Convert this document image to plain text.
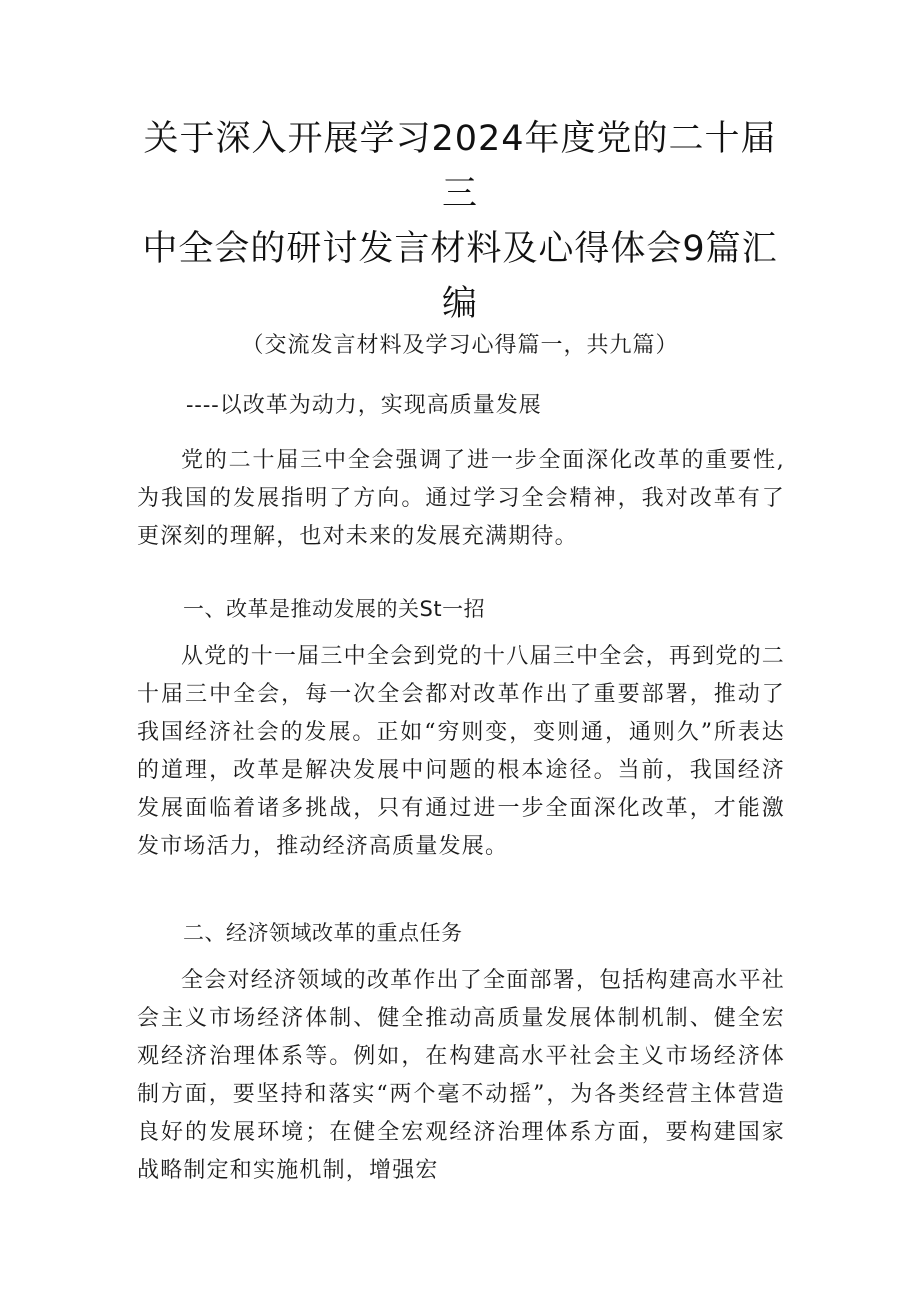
关于深入开展学习2024年度党的二十届三
中全会的研讨发言材料及心得体会9篇汇
编
（交流发言材料及学习心得篇一，共九篇）
----以改革为动力，实现高质量发展
党的二十届三中全会强调了进一步全面深化改革的重要性,为我国的发展指明了方向。通过学习全会精神，我对改革有了更深刻的理解，也对未来的发展充满期待。
一、改革是推动发展的关St一招
从党的十一届三中全会到党的十八届三中全会，再到党的二十届三中全会，每一次全会都对改革作出了重要部署，推动了我国经济社会的发展。正如“穷则变，变则通，通则久”所表达的道理，改革是解决发展中问题的根本途径。当前，我国经济发展面临着诸多挑战，只有通过进一步全面深化改革，才能激发市场活力，推动经济高质量发展。
二、经济领域改革的重点任务
全会对经济领域的改革作出了全面部署，包括构建高水平社会主义市场经济体制、健全推动高质量发展体制机制、健全宏观经济治理体系等。例如，在构建高水平社会主义市场经济体制方面，要坚持和落实“两个毫不动摇”，为各类经营主体营造良好的发展环境；在健全宏观经济治理体系方面，要构建国家战略制定和实施机制，增强宏
